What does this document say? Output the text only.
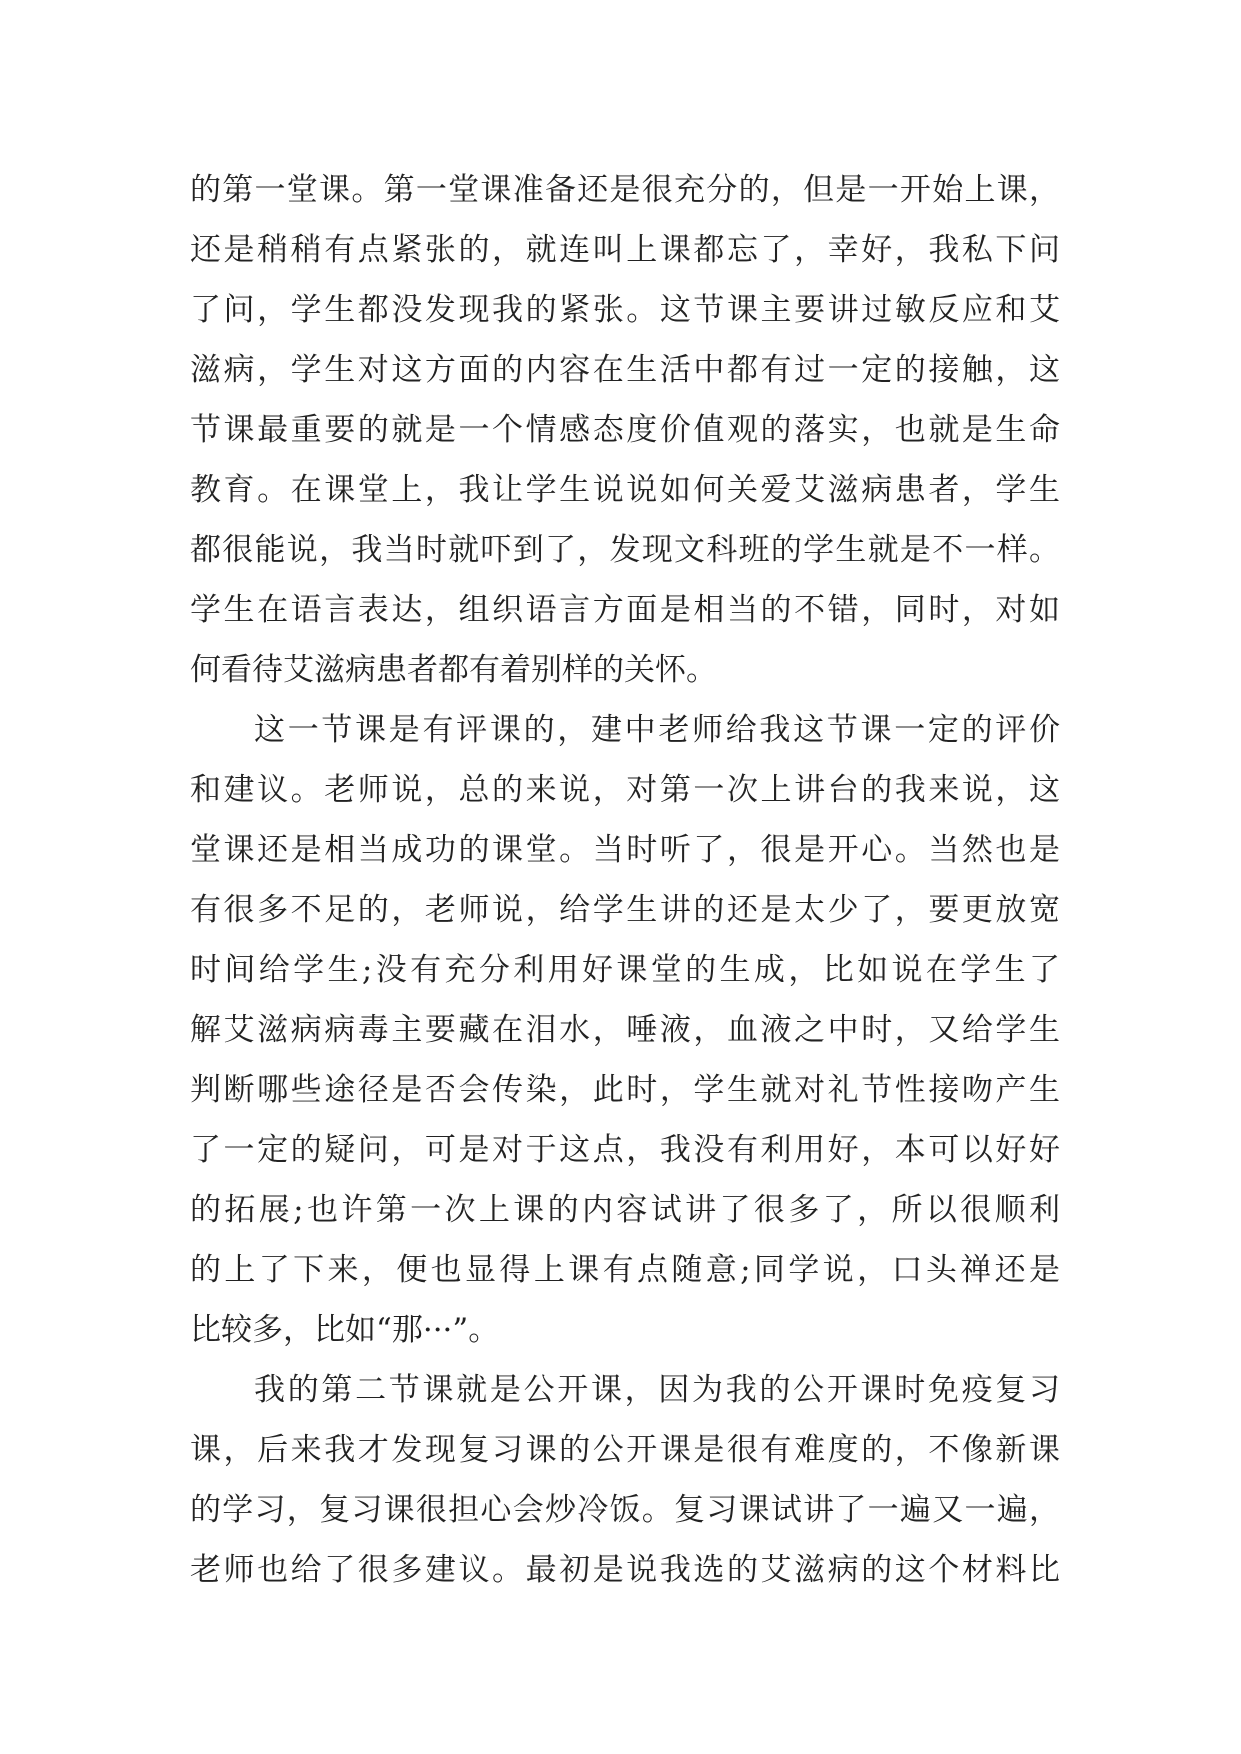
的第一堂课。第一堂课准备还是很充分的，但是一开始上课，
还是稍稍有点紧张的，就连叫上课都忘了，幸好，我私下问
了问，学生都没发现我的紧张。这节课主要讲过敏反应和艾
滋病，学生对这方面的内容在生活中都有过一定的接触，这
节课最重要的就是一个情感态度价值观的落实，也就是生命
教育。在课堂上，我让学生说说如何关爱艾滋病患者，学生
都很能说，我当时就吓到了，发现文科班的学生就是不一样。
学生在语言表达，组织语言方面是相当的不错，同时，对如
何看待艾滋病患者都有着别样的关怀。
这一节课是有评课的，建中老师给我这节课一定的评价
和建议。老师说，总的来说，对第一次上讲台的我来说，这
堂课还是相当成功的课堂。当时听了，很是开心。当然也是
有很多不足的，老师说，给学生讲的还是太少了，要更放宽
时间给学生;没有充分利用好课堂的生成，比如说在学生了
解艾滋病病毒主要藏在泪水，唾液，血液之中时，又给学生
判断哪些途径是否会传染，此时，学生就对礼节性接吻产生
了一定的疑问，可是对于这点，我没有利用好，本可以好好
的拓展;也许第一次上课的内容试讲了很多了，所以很顺利
的上了下来，便也显得上课有点随意;同学说，口头禅还是
比较多，比如“那···”。
我的第二节课就是公开课，因为我的公开课时免疫复习
课，后来我才发现复习课的公开课是很有难度的，不像新课
的学习，复习课很担心会炒冷饭。复习课试讲了一遍又一遍，
老师也给了很多建议。最初是说我选的艾滋病的这个材料比
